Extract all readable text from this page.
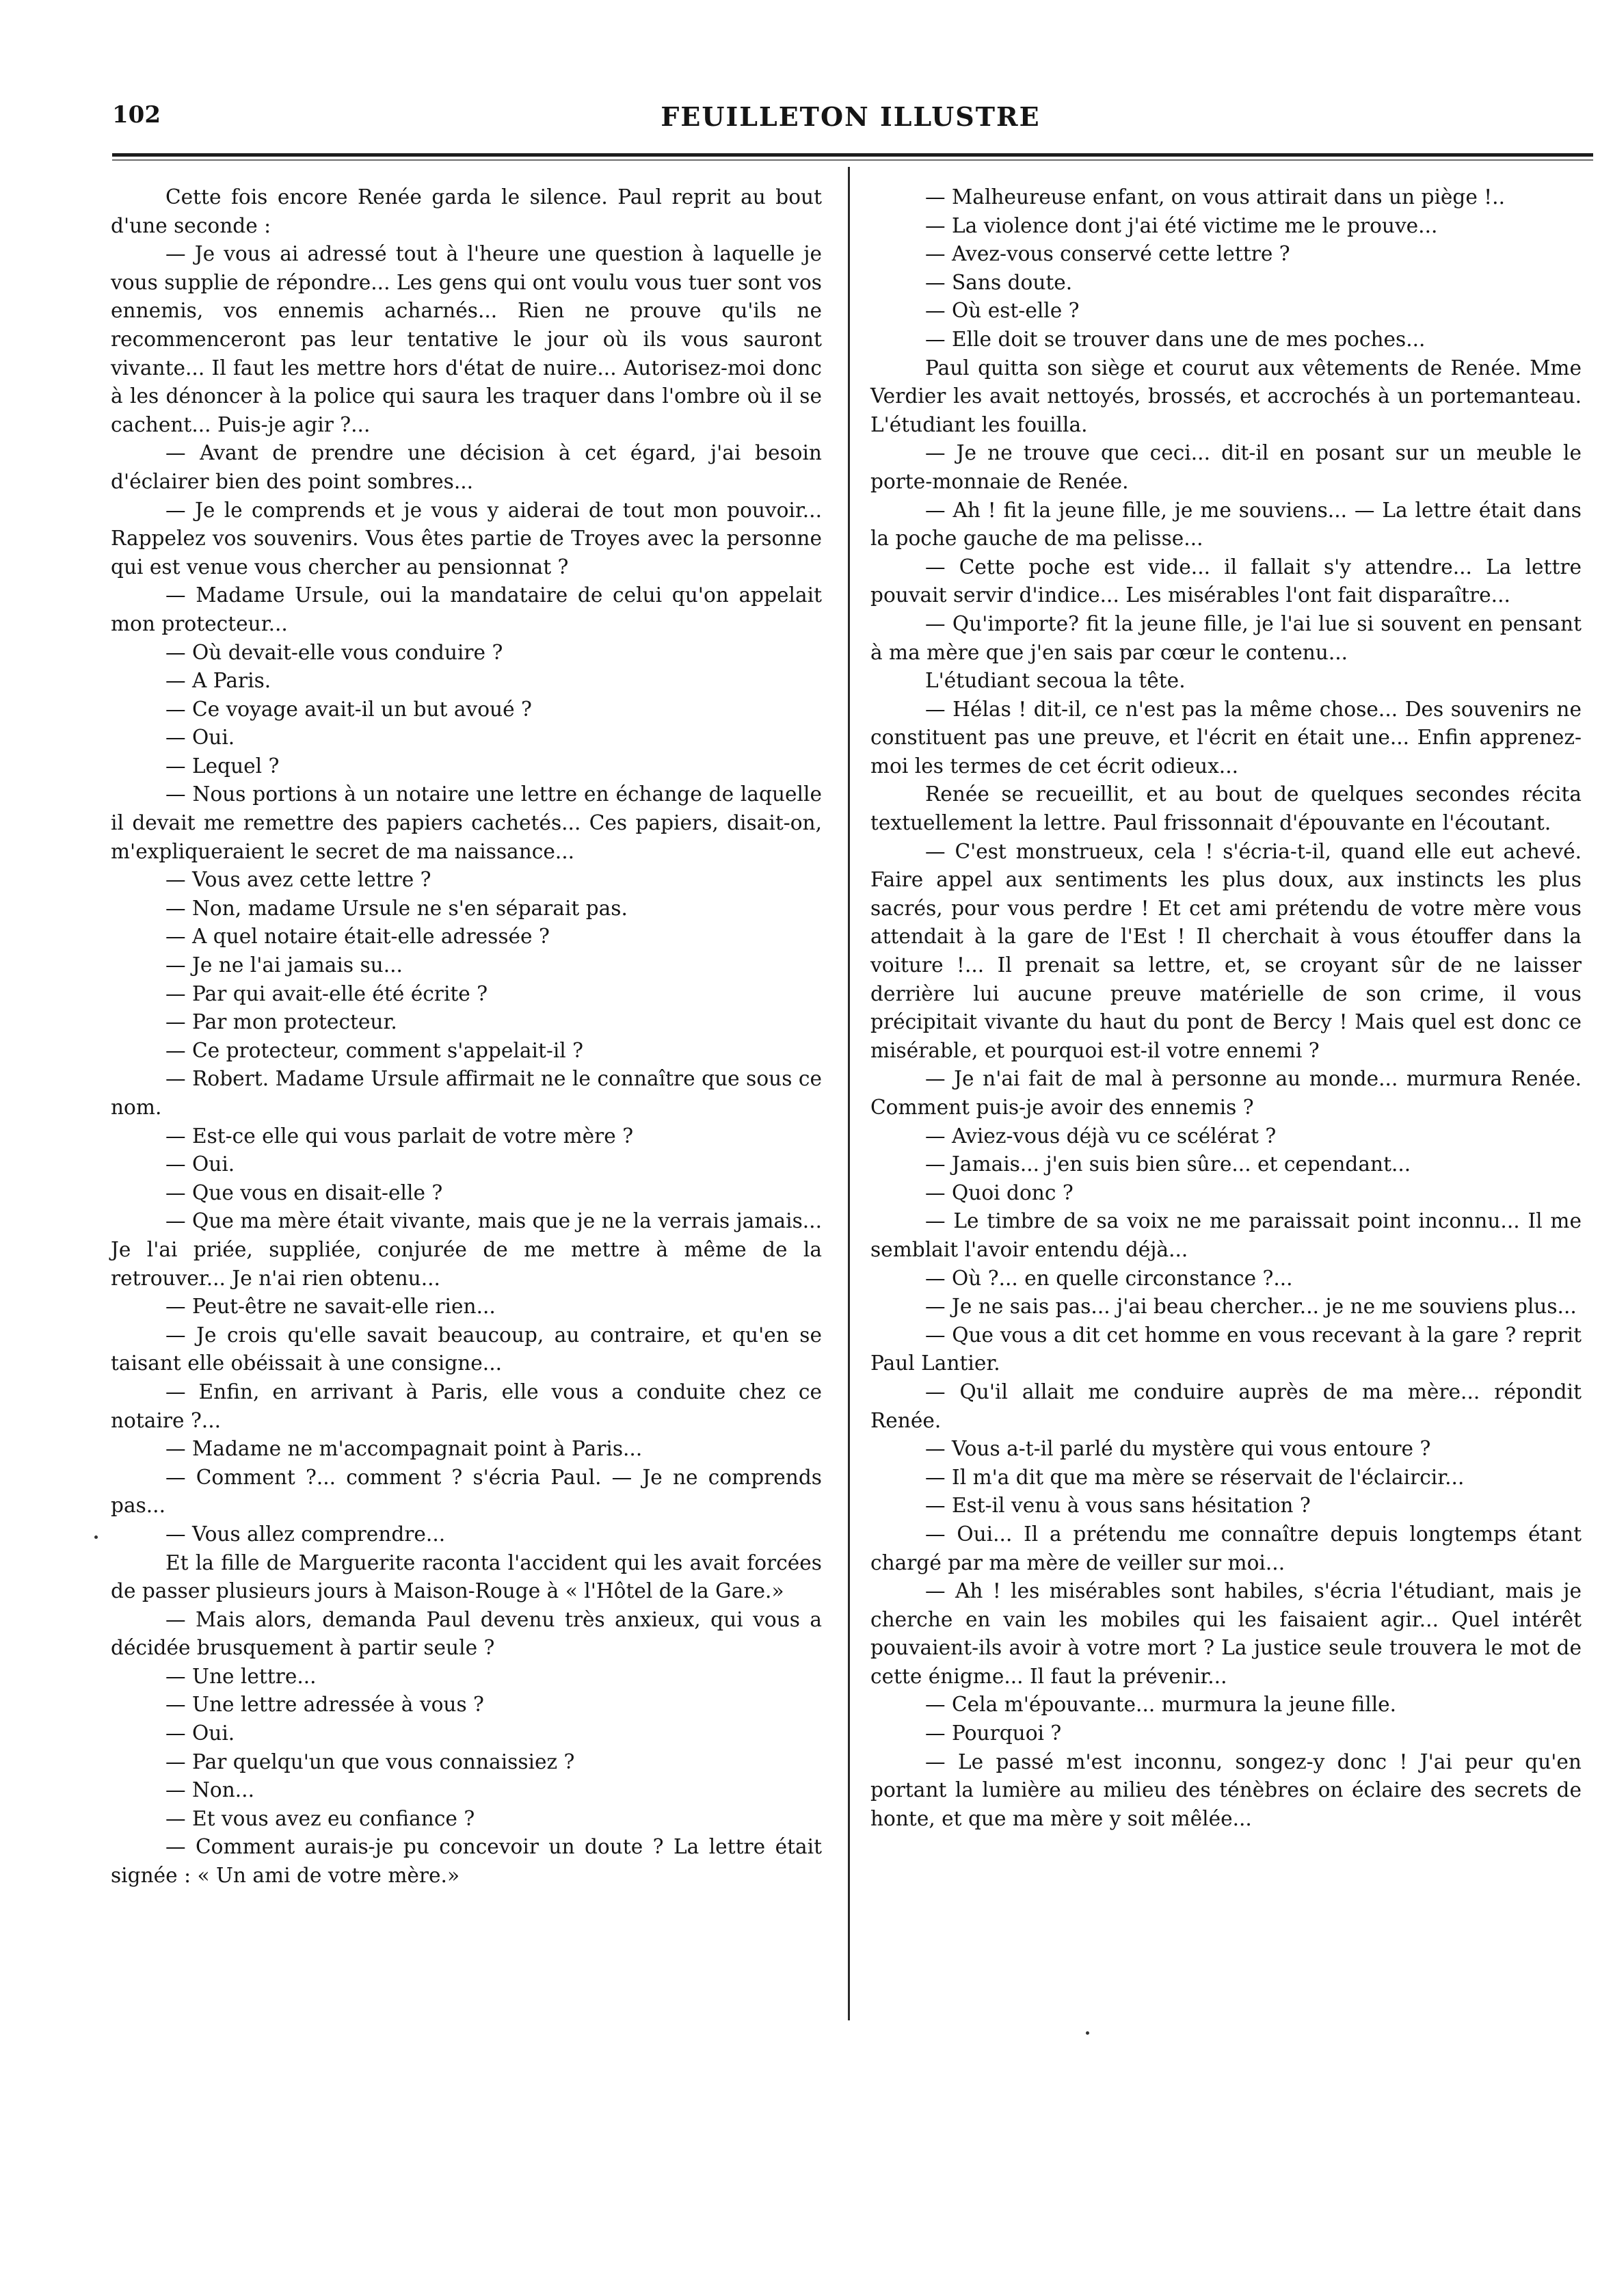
102	FEUILLETON ILLUSTRE

Cette fois encore Renée garda le silence. Paul reprit au bout d'une seconde :

— Je vous ai adressé tout à l'heure une question à laquelle je vous supplie de répondre... Les gens qui ont voulu vous tuer sont vos ennemis, vos ennemis acharnés... Rien ne prouve qu'ils ne recommenceront pas leur tentative le jour où ils vous sauront vivante... Il faut les mettre hors d'état de nuire... Autorisez-moi donc à les dénoncer à la police qui saura les traquer dans l'ombre où il se cachent... Puis-je agir ?...

— Avant de prendre une décision à cet égard, j'ai besoin d'éclairer bien des point sombres...

— Je le comprends et je vous y aiderai de tout mon pouvoir... Rappelez vos souvenirs. Vous êtes partie de Troyes avec la personne qui est venue vous chercher au pensionnat ?

— Madame Ursule, oui la mandataire de celui qu'on appelait mon protecteur...

— Où devait-elle vous conduire ?

— A Paris.

— Ce voyage avait-il un but avoué ?

— Oui.

— Lequel ?

— Nous portions à un notaire une lettre en échange de laquelle il devait me remettre des papiers cachetés... Ces papiers, disait-on, m'expliqueraient le secret de ma naissance...

— Vous avez cette lettre ?

— Non, madame Ursule ne s'en séparait pas.

— A quel notaire était-elle adressée ?

— Je ne l'ai jamais su...

— Par qui avait-elle été écrite ?

— Par mon protecteur.

— Ce protecteur, comment s'appelait-il ?

— Robert. Madame Ursule affirmait ne le connaître que sous ce nom.

— Est-ce elle qui vous parlait de votre mère ?

— Oui.

— Que vous en disait-elle ?

— Que ma mère était vivante, mais que je ne la verrais jamais... Je l'ai priée, suppliée, conjurée de me mettre à même de la retrouver... Je n'ai rien obtenu...

— Peut-être ne savait-elle rien...

— Je crois qu'elle savait beaucoup, au contraire, et qu'en se taisant elle obéissait à une consigne...

— Enfin, en arrivant à Paris, elle vous a conduite chez ce notaire ?...

— Madame ne m'accompagnait point à Paris...

— Comment ?... comment ? s'écria Paul. — Je ne comprends pas...

— Vous allez comprendre...

Et la fille de Marguerite raconta l'accident qui les avait forcées de passer plusieurs jours à Maison-Rouge à « l'Hôtel de la Gare.»

— Mais alors, demanda Paul devenu très anxieux, qui vous a décidée brusquement à partir seule ?

— Une lettre...

— Une lettre adressée à vous ?

— Oui.

— Par quelqu'un que vous connaissiez ?

— Non...

— Et vous avez eu confiance ?

— Comment aurais-je pu concevoir un doute ? La lettre était signée : « Un ami de votre mère.»

— Malheureuse enfant, on vous attirait dans un piège !..

— La violence dont j'ai été victime me le prouve...

— Avez-vous conservé cette lettre ?

— Sans doute.

— Où est-elle ?

— Elle doit se trouver dans une de mes poches...

Paul quitta son siège et courut aux vêtements de Renée. Mme Verdier les avait nettoyés, brossés, et accrochés à un portemanteau. L'étudiant les fouilla.

— Je ne trouve que ceci... dit-il en posant sur un meuble le porte-monnaie de Renée.

— Ah ! fit la jeune fille, je me souviens... — La lettre était dans la poche gauche de ma pelisse...

— Cette poche est vide... il fallait s'y attendre... La lettre pouvait servir d'indice... Les misérables l'ont fait disparaître...

— Qu'importe? fit la jeune fille, je l'ai lue si souvent en pensant à ma mère que j'en sais par cœur le contenu...

L'étudiant secoua la tête.

— Hélas ! dit-il, ce n'est pas la même chose... Des souvenirs ne constituent pas une preuve, et l'écrit en était une... Enfin apprenez-moi les termes de cet écrit odieux...

Renée se recueillit, et au bout de quelques secondes récita textuellement la lettre. Paul frissonnait d'épouvante en l'écoutant.

— C'est monstrueux, cela ! s'écria-t-il, quand elle eut achevé. Faire appel aux sentiments les plus doux, aux instincts les plus sacrés, pour vous perdre ! Et cet ami prétendu de votre mère vous attendait à la gare de l'Est ! Il cherchait à vous étouffer dans la voiture !... Il prenait sa lettre, et, se croyant sûr de ne laisser derrière lui aucune preuve matérielle de son crime, il vous précipitait vivante du haut du pont de Bercy ! Mais quel est donc ce misérable, et pourquoi est-il votre ennemi ?

— Je n'ai fait de mal à personne au monde... murmura Renée. Comment puis-je avoir des ennemis ?

— Aviez-vous déjà vu ce scélérat ?

— Jamais... j'en suis bien sûre... et cependant...

— Quoi donc ?

— Le timbre de sa voix ne me paraissait point inconnu... Il me semblait l'avoir entendu déjà...

— Où ?... en quelle circonstance ?...

— Je ne sais pas... j'ai beau chercher... je ne me souviens plus...

— Que vous a dit cet homme en vous recevant à la gare ? reprit Paul Lantier.

— Qu'il allait me conduire auprès de ma mère... répondit Renée.

— Vous a-t-il parlé du mystère qui vous entoure ?

— Il m'a dit que ma mère se réservait de l'éclaircir...

— Est-il venu à vous sans hésitation ?

— Oui... Il a prétendu me connaître depuis longtemps étant chargé par ma mère de veiller sur moi...

— Ah ! les misérables sont habiles, s'écria l'étudiant, mais je cherche en vain les mobiles qui les faisaient agir... Quel intérêt pouvaient-ils avoir à votre mort ? La justice seule trouvera le mot de cette énigme... Il faut la prévenir...

— Cela m'épouvante... murmura la jeune fille.

— Pourquoi ?

— Le passé m'est inconnu, songez-y donc ! J'ai peur qu'en portant la lumière au milieu des ténèbres on éclaire des secrets de honte, et que ma mère y soit mêlée...
